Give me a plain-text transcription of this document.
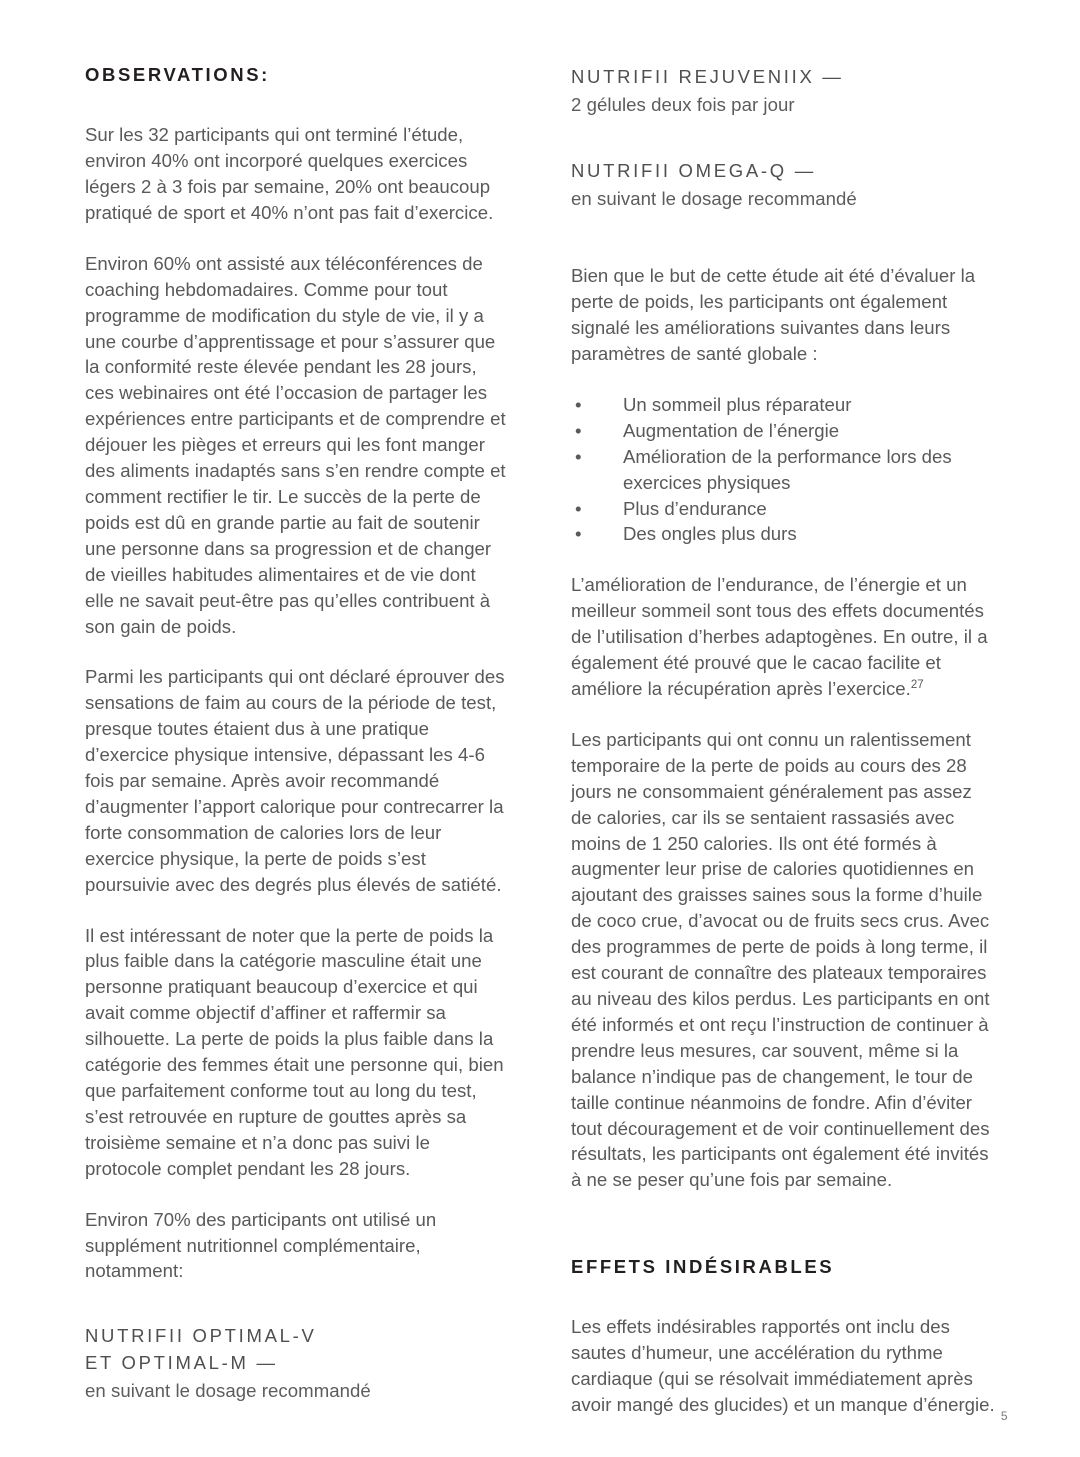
OBSERVATIONS:

Sur les 32 participants qui ont terminé l’étude, environ 40% ont incorporé quelques exercices légers 2 à 3 fois par semaine, 20% ont beaucoup pratiqué de sport et 40% n’ont pas fait d’exercice.

Environ 60% ont assisté aux téléconférences de coaching hebdomadaires. Comme pour tout programme de modification du style de vie, il y a une courbe d’apprentissage et pour s’assurer que la conformité reste élevée pendant les 28 jours, ces webinaires ont été l’occasion de partager les expériences entre participants et de comprendre et déjouer les pièges et erreurs qui les font manger des aliments inadaptés sans s’en rendre compte et comment rectifier le tir. Le succès de la perte de poids est dû en grande partie au fait de soutenir une personne dans sa progression et de changer de vieilles habitudes alimentaires et de vie dont elle ne savait peut-être pas qu’elles contribuent à son gain de poids.

Parmi les participants qui ont déclaré éprouver des sensations de faim au cours de la période de test, presque toutes étaient dus à une pratique d’exercice physique intensive, dépassant les 4-6 fois par semaine. Après avoir recommandé d’augmenter l’apport calorique pour contrecarrer la forte consommation de calories lors de leur exercice physique, la perte de poids s’est poursuivie avec des degrés plus élevés de satiété.

Il est intéressant de noter que la perte de poids la plus faible dans la catégorie masculine était une personne pratiquant beaucoup d’exercice et qui avait comme objectif d’affiner et raffermir sa silhouette. La perte de poids la plus faible dans la catégorie des femmes était une personne qui, bien que parfaitement conforme tout au long du test, s’est retrouvée en rupture de gouttes après sa troisième semaine et n’a donc pas suivi le protocole complet pendant les 28 jours.

Environ 70% des participants ont utilisé un supplément nutritionnel complémentaire, notamment:

NUTRIFII OPTIMAL-V
ET OPTIMAL-M —
en suivant le dosage recommandé
NUTRIFII REJUVENIIX —
2 gélules deux fois par jour
NUTRIFII OMEGA-Q —
en suivant le dosage recommandé

Bien que le but de cette étude ait été d’évaluer la perte de poids, les participants ont également signalé les améliorations suivantes dans leurs paramètres de santé globale :

• Un sommeil plus réparateur
• Augmentation de l’énergie
• Amélioration de la performance lors des exercices physiques
• Plus d’endurance
• Des ongles plus durs

L’amélioration de l’endurance, de l’énergie et un meilleur sommeil sont tous des effets documentés de l’utilisation d’herbes adaptogènes. En outre, il a également été prouvé que le cacao facilite et améliore la récupération après l’exercice.$^{27}$

Les participants qui ont connu un ralentissement temporaire de la perte de poids au cours des 28 jours ne consommaient généralement pas assez de calories, car ils se sentaient rassasiés avec moins de 1 250 calories. Ils ont été formés à augmenter leur prise de calories quotidiennes en ajoutant des graisses saines sous la forme d’huile de coco crue, d’avocat ou de fruits secs crus. Avec des programmes de perte de poids à long terme, il est courant de connaître des plateaux temporaires au niveau des kilos perdus. Les participants en ont été informés et ont reçu l’instruction de continuer à prendre leus mesures, car souvent, même si la balance n’indique pas de changement, le tour de taille continue néanmoins de fondre. Afin d’éviter tout découragement et de voir continuellement des résultats, les participants ont également été invités à ne se peser qu’une fois par semaine.

EFFETS INDÉSIRABLES

Les effets indésirables rapportés ont inclu des sautes d’humeur, une accélération du rythme cardiaque (qui se résolvait immédiatement après avoir mangé des glucides) et un manque d’énergie.

5
